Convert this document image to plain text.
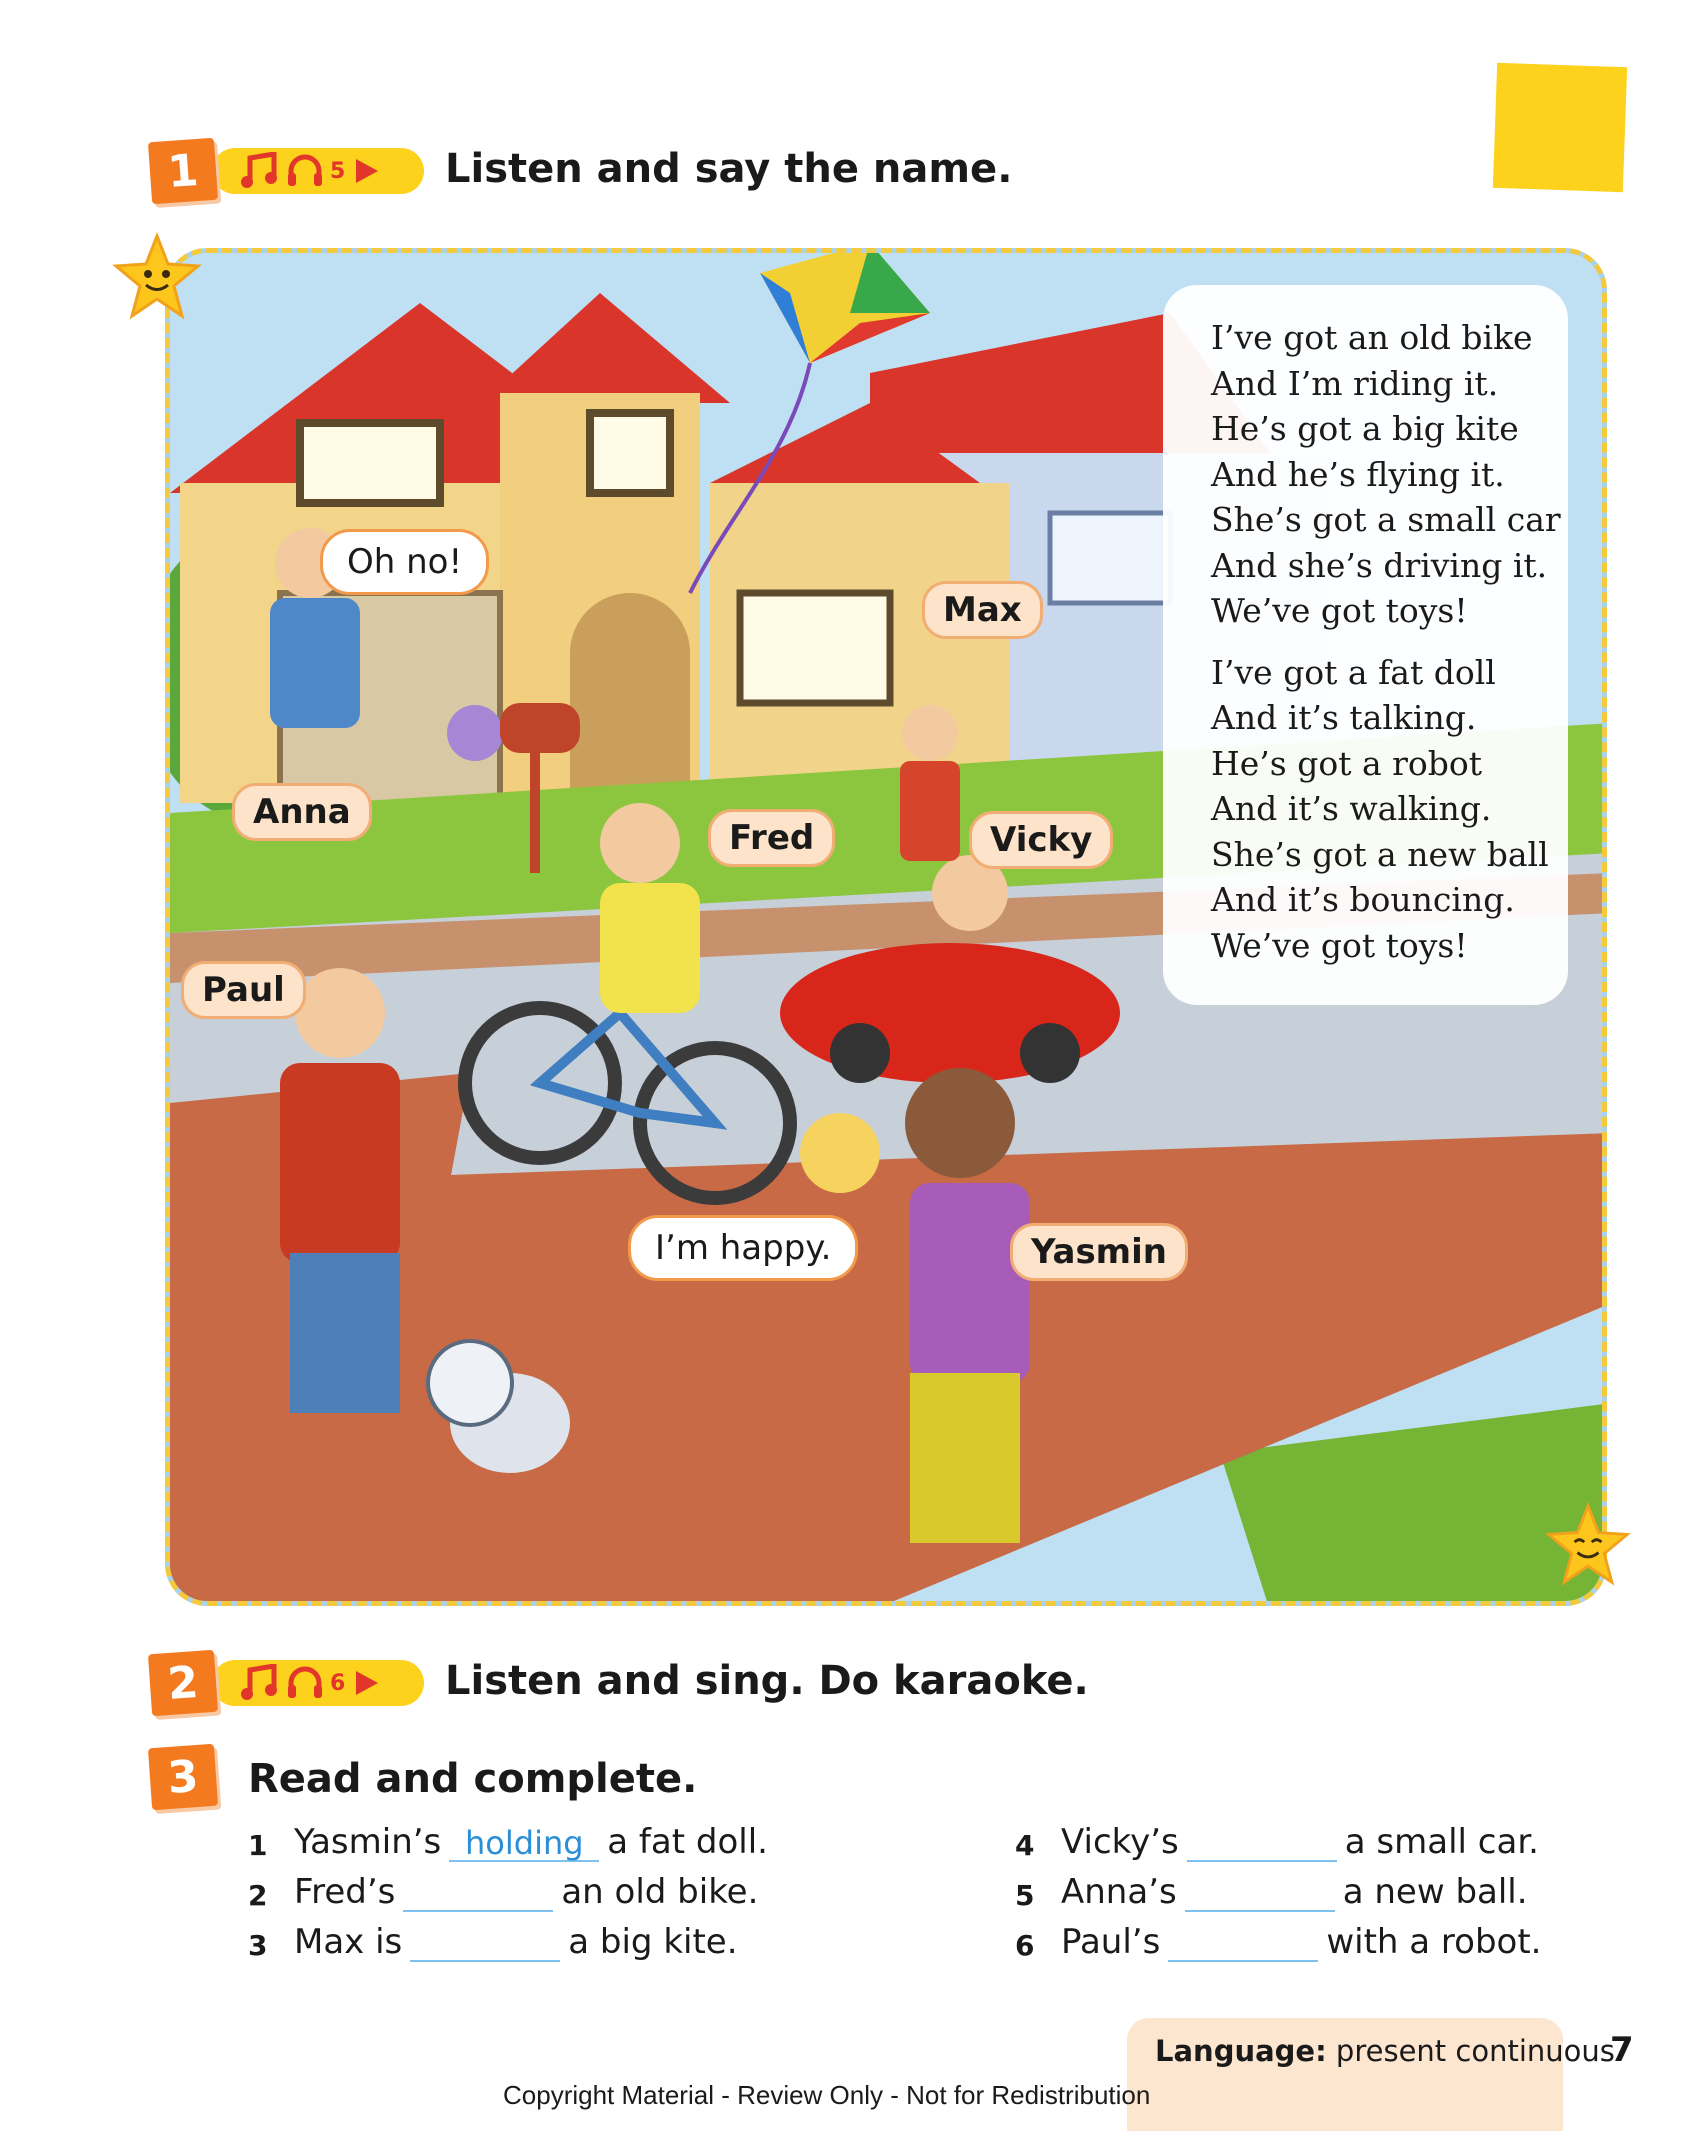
5
1	Listen and say the name.
I’ve got an old bike
And I’m riding it.
He’s got a big kite
And he’s flying it.
She’s got a small car
And she’s driving it.
We’ve got toys!
I’ve got a fat doll
And it’s talking.
He’s got a robot
And it’s walking.
She’s got a new ball
And it’s bouncing.
We’ve got toys!
Anna
Max
Fred	Vicky
Paul
Yasmin
Oh no!
I’m happy.
6
2	Listen and sing. Do karaoke.
3	Read and complete.
1 Yasmin’s holding a fat doll.
2 Fred’s	an old bike.
3 Max is	a big kite.
4 Vicky’s	a small car.
5 Anna’s	a new ball.
6 Paul’s	with a robot.
Language: present continuous
7
Copyright Material - Review Only - Not for Redistribution
